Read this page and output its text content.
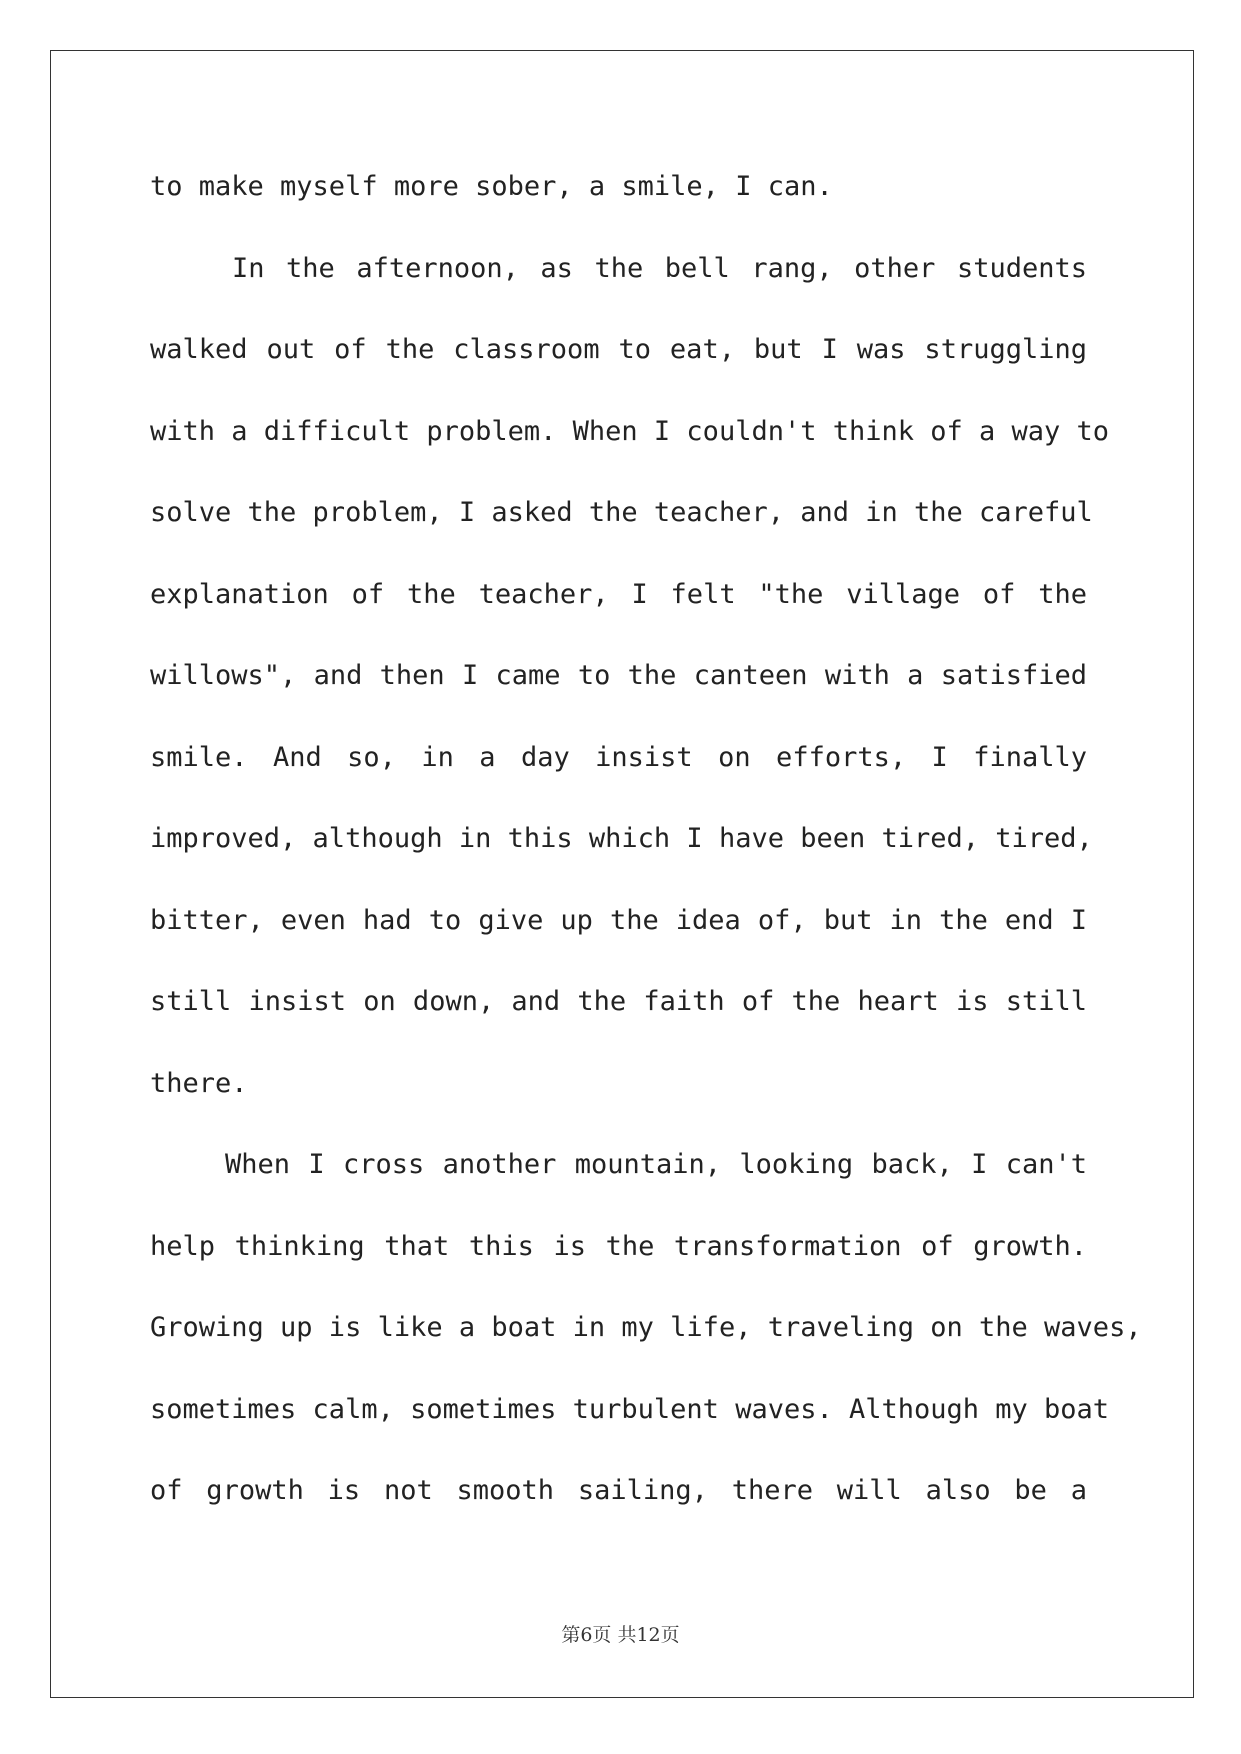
to make myself more sober, a smile, I can.
In the afternoon, as the bell rang, other students
walked out of the classroom to eat, but I was struggling
with a difficult problem. When I couldn't think of a way to
solve the problem, I asked the teacher, and in the careful
explanation of the teacher, I felt "the village of the
willows", and then I came to the canteen with a satisfied
smile. And so, in a day insist on efforts, I finally
improved, although in this which I have been tired, tired,
bitter, even had to give up the idea of, but in the end I
still insist on down, and the faith of the heart is still
there.
When I cross another mountain, looking back, I can't
help thinking that this is the transformation of growth.
Growing up is like a boat in my life, traveling on the waves,
sometimes calm, sometimes turbulent waves. Although my boat
of growth is not smooth sailing, there will also be a
第6页 共12页
